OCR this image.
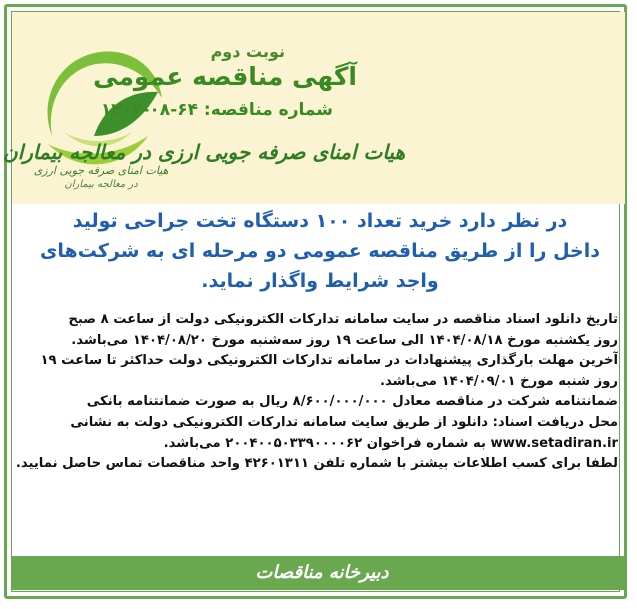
هیات امنای صرفه جویی ارزی
در معالجه بیماران
نوبت دوم
آگهی مناقصه عمومی
شماره مناقصه: ۶۴-۰۸-۱۴۰۴
هیات امنای صرفه جویی ارزی در معالجه بیماران
در نظر دارد خرید تعداد ۱۰۰ دستگاه تخت جراحی تولید
داخل را از طریق مناقصه عمومی دو مرحله ای به شرکت‌های
واجد شرایط واگذار نماید.
تاریخ دانلود اسناد مناقصه در سایت سامانه تدارکات الکترونیکی دولت از ساعت ۸ صبح
روز یکشنبه مورخ ۱۴۰۴/۰۸/۱۸ الی ساعت ۱۹ روز سه‌شنبه مورخ ۱۴۰۴/۰۸/۲۰ می‌باشد.
آخرین مهلت بارگذاری پیشنهادات در سامانه تدارکات الکترونیکی دولت حداکثر تا ساعت ۱۹
روز شنبه مورخ ۱۴۰۴/۰۹/۰۱ می‌باشد.
ضمانتنامه شرکت در مناقصه معادل ۸/۶۰۰/۰۰۰/۰۰۰ ریال به صورت ضمانتنامه بانکی
محل دریافت اسناد: دانلود از طریق سایت سامانه تدارکات الکترونیکی دولت به نشانی
www.setadiran.ir به شماره فراخوان ۲۰۰۴۰۰۵۰۳۳۹۰۰۰۰۶۲ می‌باشد.
لطفا برای کسب اطلاعات بیشتر با شماره تلفن ۴۲۶۰۱۳۱۱ واحد مناقصات تماس حاصل نمایید.
دبیرخانه مناقصات
